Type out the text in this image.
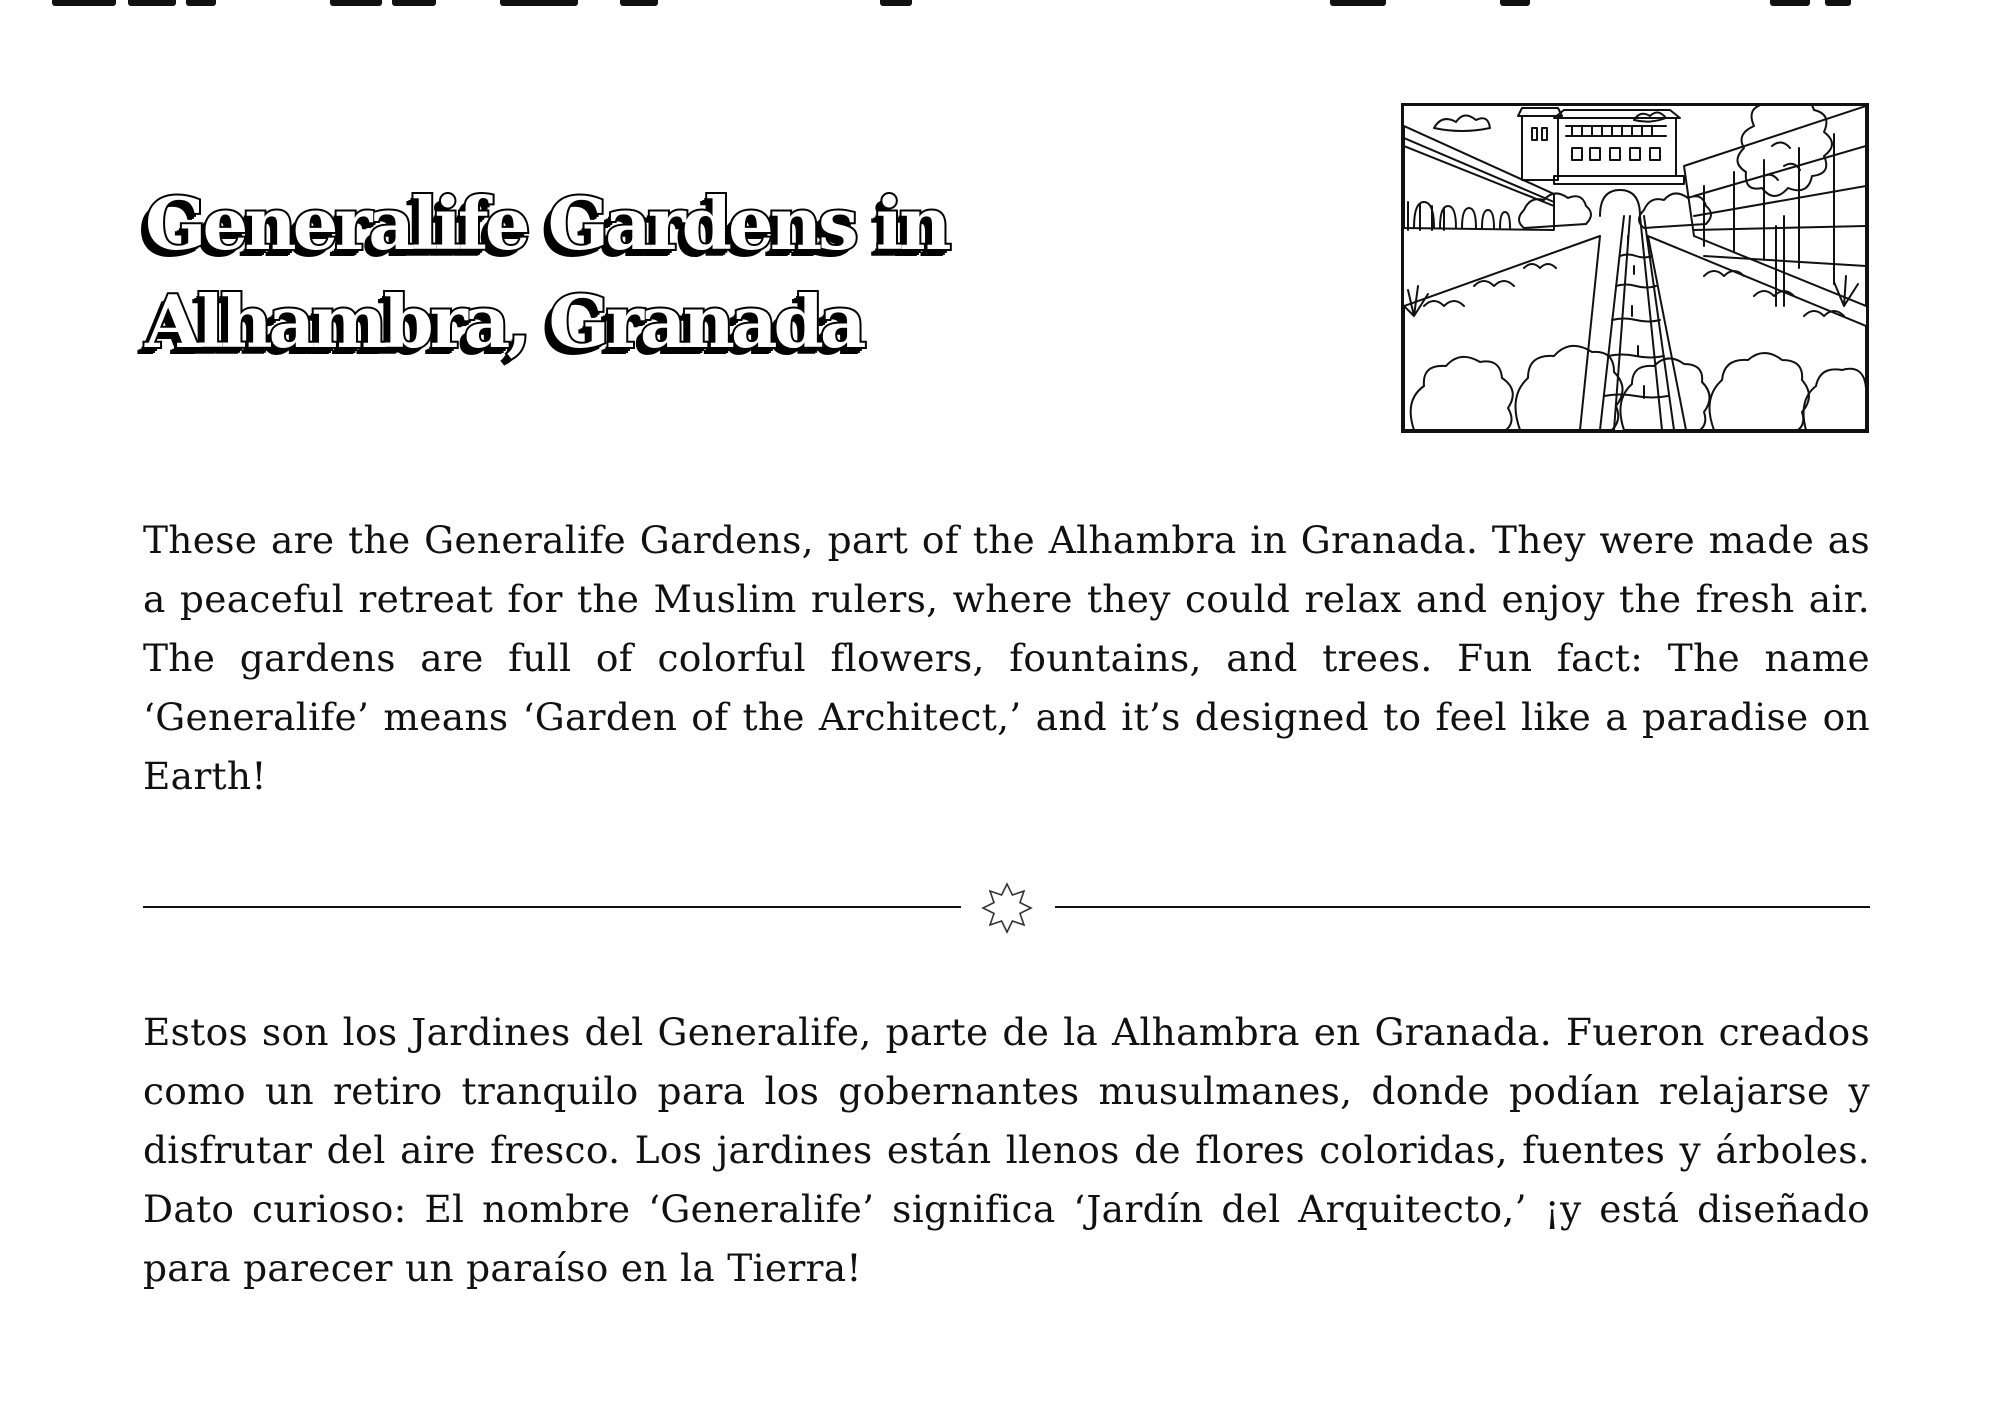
Generalife Gardens in
Alhambra, Granada

These are the Generalife Gardens, part of the Alhambra in Granada. They were made as a peaceful retreat for the Muslim rulers, where they could relax and enjoy the fresh air. The gardens are full of colorful flowers, fountains, and trees. Fun fact: The name ‘Generalife’ means ‘Garden of the Architect,’ and it’s designed to feel like a paradise on Earth!

Estos son los Jardines del Generalife, parte de la Alhambra en Granada. Fueron creados como un retiro tranquilo para los gobernantes musulmanes, donde podían relajarse y disfrutar del aire fresco. Los jardines están llenos de flores coloridas, fuentes y árboles. Dato curioso: El nombre ‘Generalife’ significa ‘Jardín del Arquitecto,’ ¡y está diseñado para parecer un paraíso en la Tierra!
